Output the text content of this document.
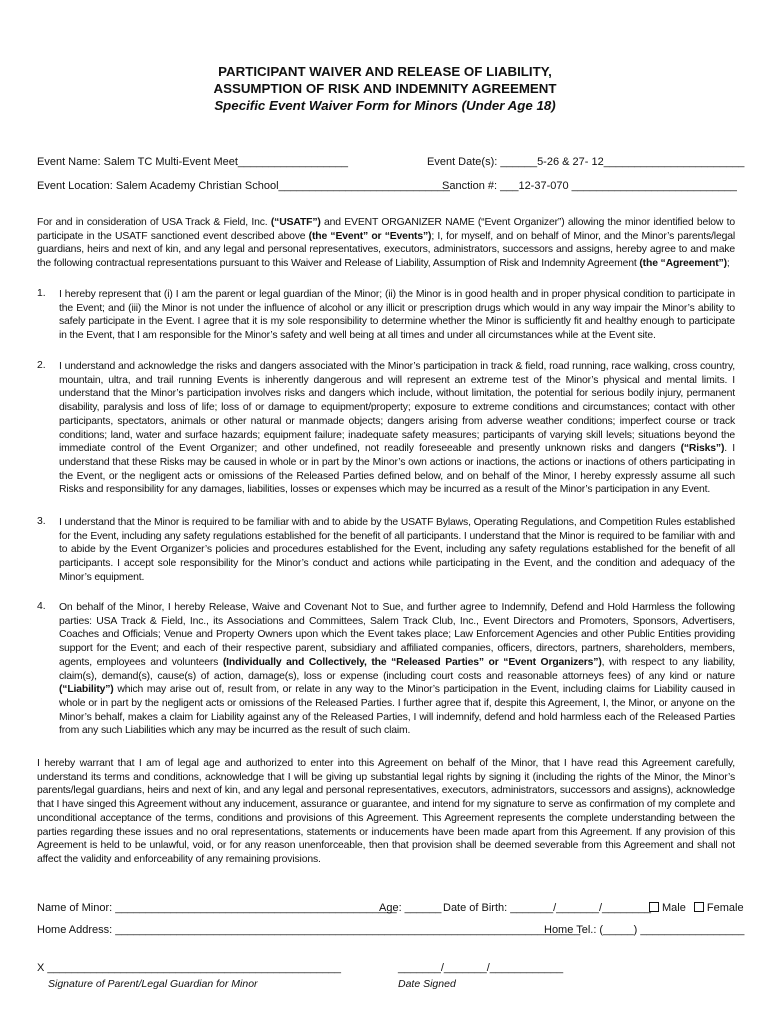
PARTICIPANT WAIVER AND RELEASE OF LIABILITY,
ASSUMPTION OF RISK AND INDEMNITY AGREEMENT
Specific Event Waiver Form for Minors (Under Age 18)
Event Name: Salem TC Multi-Event Meet__________________	Event Date(s): ______5-26 & 27- 12_______________________
Event Location: Salem Academy Christian School____________________________
Sanction #: ___12-37-070 ___________________________
For and in consideration of USA Track & Field, Inc. (“USATF”) and EVENT ORGANIZER NAME (“Event Organizer”) allowing the minor identified below to participate in the USATF sanctioned event described above (the “Event” or “Events”); I, for myself, and on behalf of Minor, and the Minor’s parents/legal guardians, heirs and next of kin, and any legal and personal representatives, executors, administrators, successors and assigns, hereby agree to and make the following contractual representations pursuant to this Waiver and Release of Liability, Assumption of Risk and Indemnity Agreement (the “Agreement”);
1. I hereby represent that (i) I am the parent or legal guardian of the Minor; (ii) the Minor is in good health and in proper physical condition to participate in the Event; and (iii) the Minor is not under the influence of alcohol or any illicit or prescription drugs which would in any way impair the Minor’s ability to safely participate in the Event. I agree that it is my sole responsibility to determine whether the Minor is sufficiently fit and healthy enough to participate in the Event, that I am responsible for the Minor’s safety and well being at all times and under all circumstances while at the Event site.
2. I understand and acknowledge the risks and dangers associated with the Minor’s participation in track & field, road running, race walking, cross country, mountain, ultra, and trail running Events is inherently dangerous and will represent an extreme test of the Minor’s physical and mental limits. I understand that the Minor’s participation involves risks and dangers which include, without limitation, the potential for serious bodily injury, permanent disability, paralysis and loss of life; loss of or damage to equipment/property; exposure to extreme conditions and circumstances; contact with other participants, spectators, animals or other natural or manmade objects; dangers arising from adverse weather conditions; imperfect course or track conditions; land, water and surface hazards; equipment failure; inadequate safety measures; participants of varying skill levels; situations beyond the immediate control of the Event Organizer; and other undefined, not readily foreseeable and presently unknown risks and dangers (“Risks”). I understand that these Risks may be caused in whole or in part by the Minor’s own actions or inactions, the actions or inactions of others participating in the Event, or the negligent acts or omissions of the Released Parties defined below, and on behalf of the Minor, I hereby expressly assume all such Risks and responsibility for any damages, liabilities, losses or expenses which may be incurred as a result of the Minor’s participation in any Event.
3. I understand that the Minor is required to be familiar with and to abide by the USATF Bylaws, Operating Regulations, and Competition Rules established for the Event, including any safety regulations established for the benefit of all participants. I understand that the Minor is required to be familiar with and to abide by the Event Organizer’s policies and procedures established for the Event, including any safety regulations established for the benefit of all participants. I accept sole responsibility for the Minor’s conduct and actions while participating in the Event, and the condition and adequacy of the Minor’s equipment.
4. On behalf of the Minor, I hereby Release, Waive and Covenant Not to Sue, and further agree to Indemnify, Defend and Hold Harmless the following parties: USA Track & Field, Inc., its Associations and Committees, Salem Track Club, Inc., Event Directors and Promoters, Sponsors, Advertisers, Coaches and Officials; Venue and Property Owners upon which the Event takes place; Law Enforcement Agencies and other Public Entities providing support for the Event; and each of their respective parent, subsidiary and affiliated companies, officers, directors, partners, shareholders, members, agents, employees and volunteers (Individually and Collectively, the “Released Parties” or “Event Organizers”), with respect to any liability, claim(s), demand(s), cause(s) of action, damage(s), loss or expense (including court costs and reasonable attorneys fees) of any kind or nature (“Liability”) which may arise out of, result from, or relate in any way to the Minor’s participation in the Event, including claims for Liability caused in whole or in part by the negligent acts or omissions of the Released Parties. I further agree that if, despite this Agreement, I, the Minor, or anyone on the Minor’s behalf, makes a claim for Liability against any of the Released Parties, I will indemnify, defend and hold harmless each of the Released Parties from any such Liabilities which any may be incurred as the result of such claim.
I hereby warrant that I am of legal age and authorized to enter into this Agreement on behalf of the Minor, that I have read this Agreement carefully, understand its terms and conditions, acknowledge that I will be giving up substantial legal rights by signing it (including the rights of the Minor, the Minor’s parents/legal guardians, heirs and next of kin, and any legal and personal representatives, executors, administrators, successors and assigns), acknowledge that I have singed this Agreement without any inducement, assurance or guarantee, and intend for my signature to serve as confirmation of my complete and unconditional acceptance of the terms, conditions and provisions of this Agreement. This Agreement represents the complete understanding between the parties regarding these issues and no oral representations, statements or inducements have been made apart from this Agreement. If any provision of this Agreement is held to be unlawful, void, or for any reason unenforceable, then that provision shall be deemed severable from this Agreement and shall not affect the validity and enforceability of any remaining provisions.
Name of Minor: ______________________________________________
Age: ______ Date of Birth: _______/_______/________	Male Female
Home Address: ____________________________________________________________________________
Home Tel.: (_____) _________________
X ________________________________________________	_______/_______/____________
Signature of Parent/Legal Guardian for Minor	Date Signed
